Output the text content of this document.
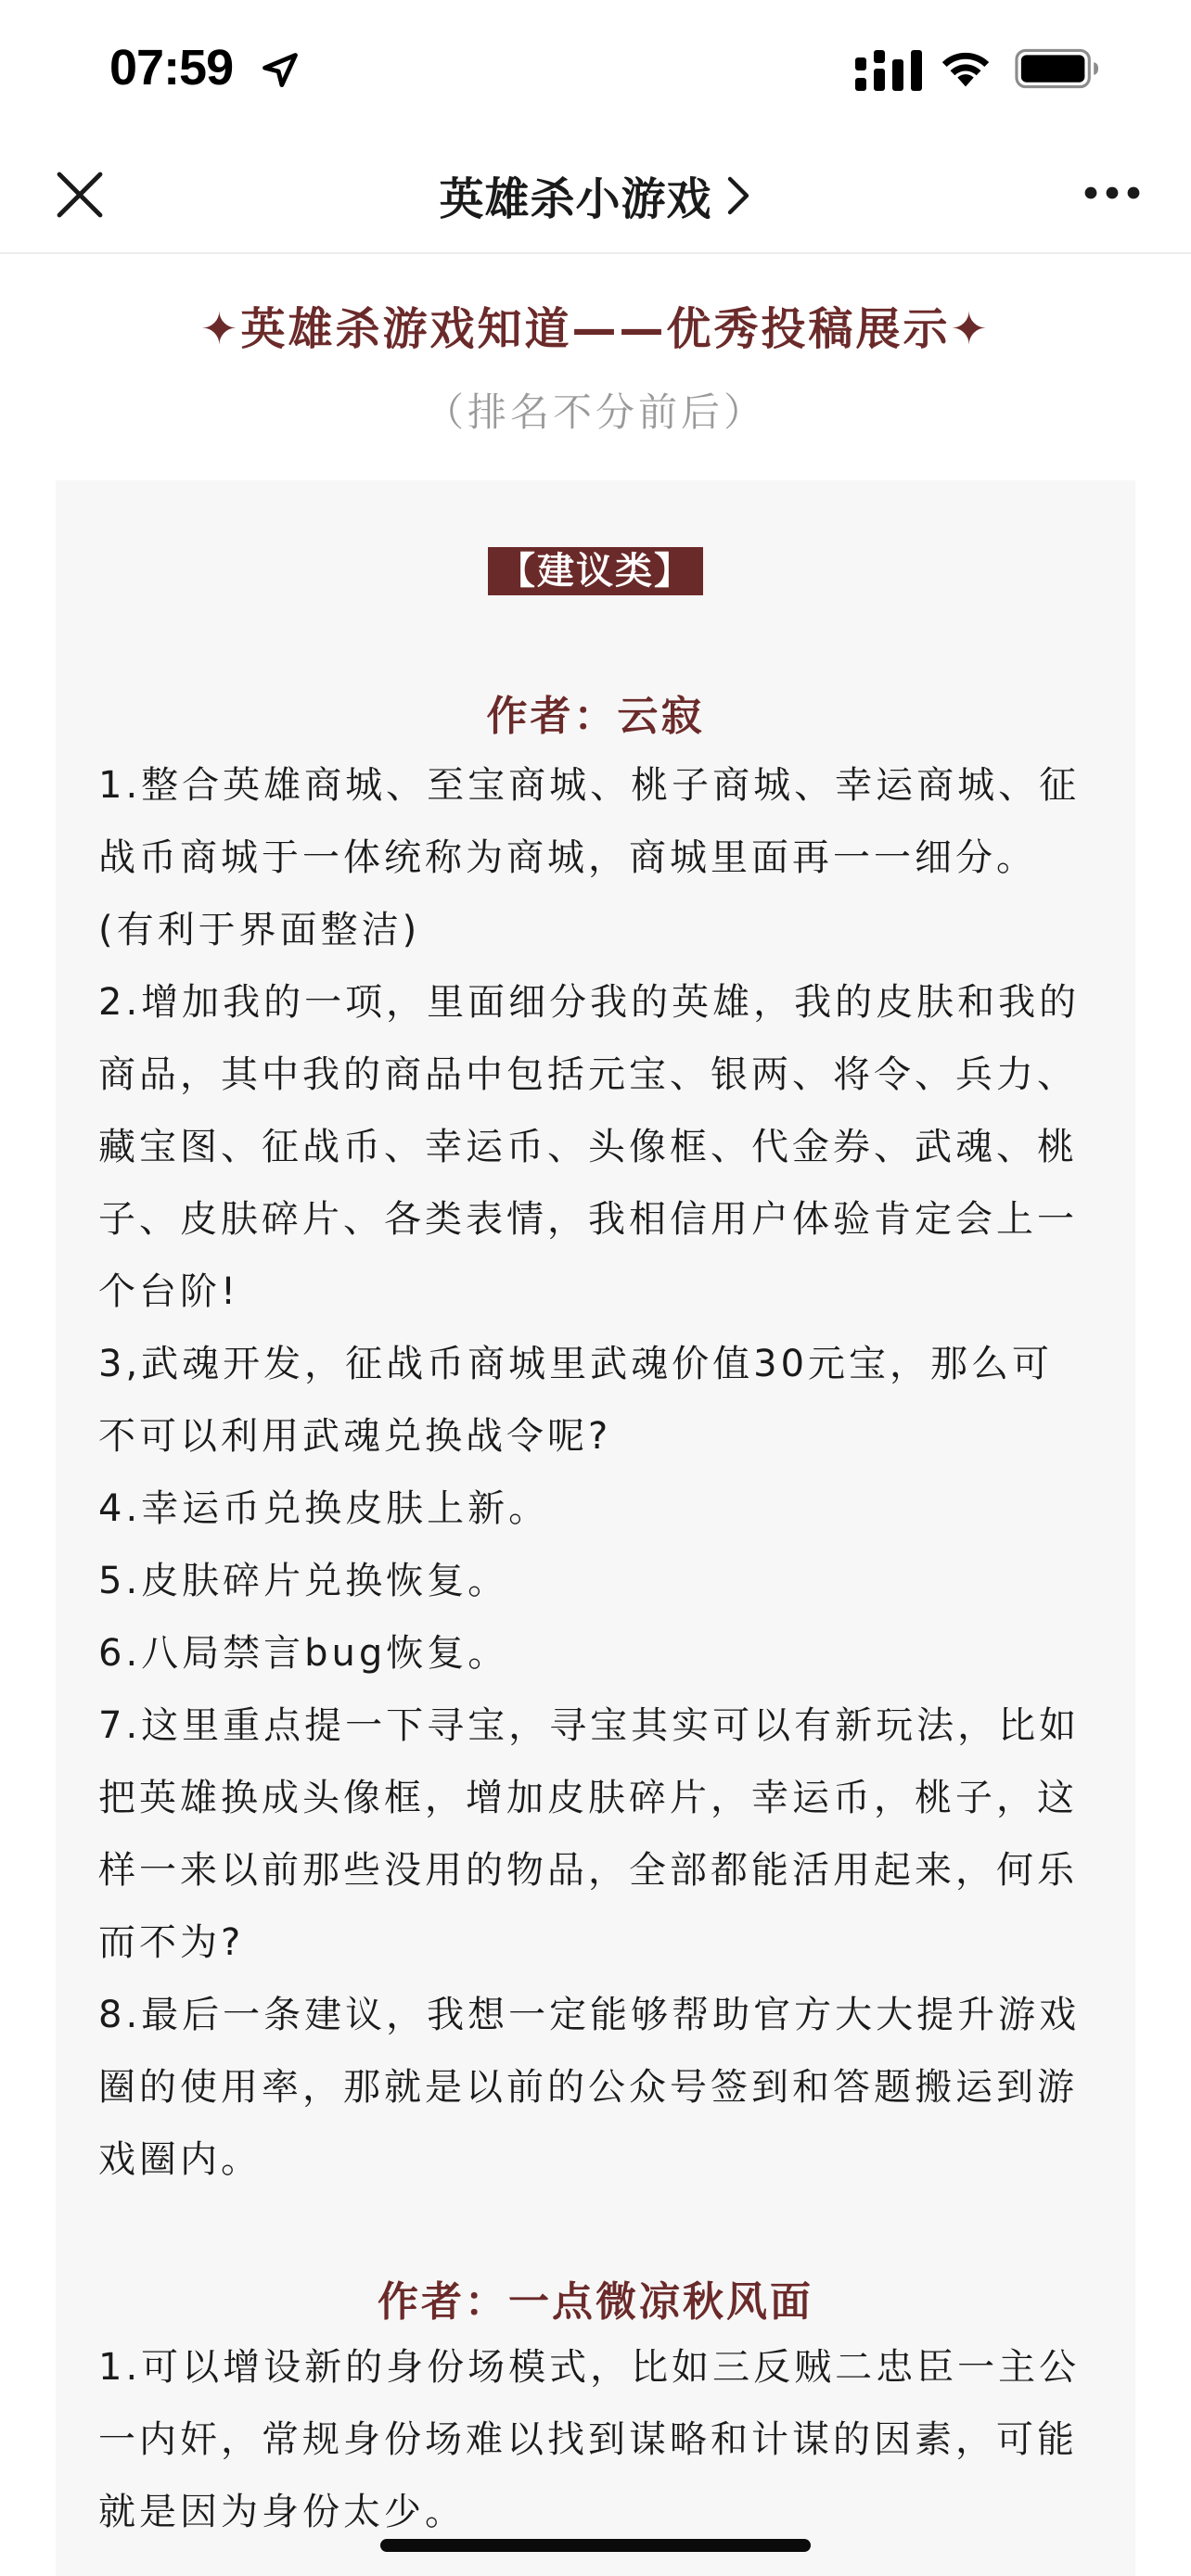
07:59
英雄杀小游戏
✦英雄杀游戏知道——优秀投稿展示✦
（排名不分前后）
【建议类】
作者：云寂

1.整合英雄商城、至宝商城、桃子商城、幸运商城、征战币商城于一体统称为商城，商城里面再一一细分。(有利于界面整洁)

2.增加我的一项，里面细分我的英雄，我的皮肤和我的商品，其中我的商品中包括元宝、银两、将令、兵力、藏宝图、征战币、幸运币、头像框、代金券、武魂、桃子、皮肤碎片、各类表情，我相信用户体验肯定会上一个台阶!

3,武魂开发，征战币商城里武魂价值30元宝，那么可不可以利用武魂兑换战令呢?

4.幸运币兑换皮肤上新。

5.皮肤碎片兑换恢复。

6.八局禁言bug恢复。

7.这里重点提一下寻宝，寻宝其实可以有新玩法，比如把英雄换成头像框，增加皮肤碎片，幸运币，桃子，这样一来以前那些没用的物品，全部都能活用起来，何乐而不为?

8.最后一条建议，我想一定能够帮助官方大大提升游戏圈的使用率，那就是以前的公众号签到和答题搬运到游戏圈内。

作者：一点微凉秋风面

1.可以增设新的身份场模式，比如三反贼二忠臣一主公一内奸，常规身份场难以找到谋略和计谋的因素，可能就是因为身份太少。
